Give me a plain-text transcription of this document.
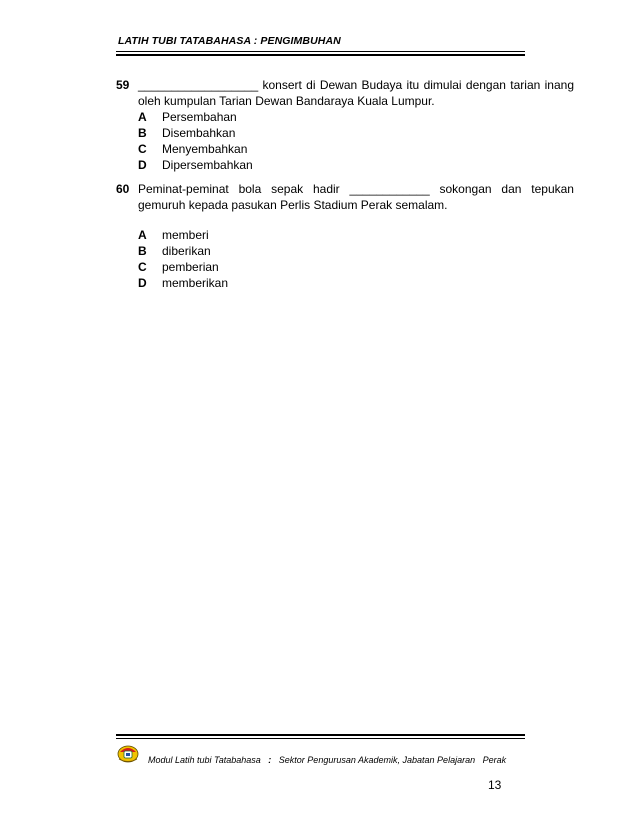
LATIH TUBI TATABAHASA : PENGIMBUHAN
59 __________________ konsert di Dewan Budaya itu dimulai dengan tarian inang oleh kumpulan Tarian Dewan Bandaraya Kuala Lumpur.
A Persembahan
B Disembahkan
C Menyembahkan
D Dipersembahkan
60 Peminat-peminat bola sepak hadir ____________ sokongan dan tepukan gemuruh kepada pasukan Perlis Stadium Perak semalam.
A memberi
B diberikan
C pemberian
D memberikan
Modul Latih tubi Tatabahasa : Sektor Pengurusan Akademik, Jabatan Pelajaran   Perak
13
